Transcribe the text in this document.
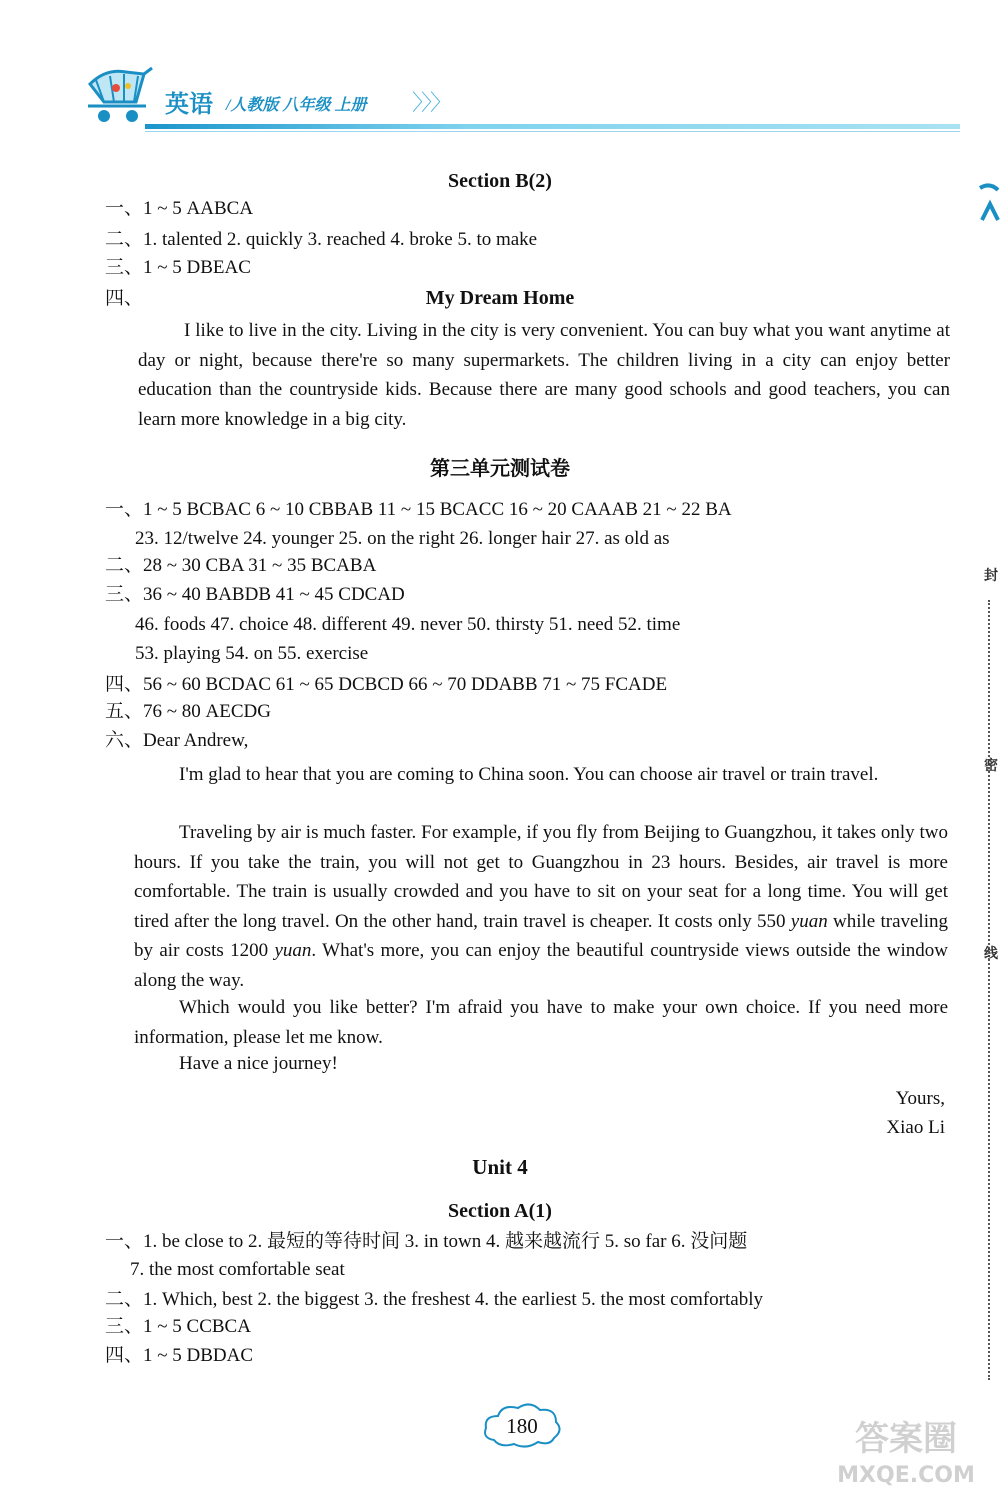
英语 /人教版 八年级 上册 〉〉〉
Section B(2)
一、1 ~ 5 AABCA
二、1. talented 2. quickly 3. reached 4. broke 5. to make
三、1 ~ 5 DBEAC
四、	My Dream Home
I like to live in the city. Living in the city is very convenient. You can buy what you want anytime at day or night, because there're so many supermarkets. The children living in a city can enjoy better education than the countryside kids. Because there are many good schools and good teachers, you can learn more knowledge in a big city.
第三单元测试卷
一、1 ~ 5 BCBAC 6 ~ 10 CBBAB 11 ~ 15 BCACC 16 ~ 20 CAAAB 21 ~ 22 BA
23. 12/twelve 24. younger 25. on the right 26. longer hair 27. as old as
二、28 ~ 30 CBA 31 ~ 35 BCABA
三、36 ~ 40 BABDB 41 ~ 45 CDCAD
46. foods 47. choice 48. different 49. never 50. thirsty 51. need 52. time
53. playing 54. on 55. exercise
四、56 ~ 60 BCDAC 61 ~ 65 DCBCD 66 ~ 70 DDABB 71 ~ 75 FCADE
五、76 ~ 80 AECDG
六、Dear Andrew,
I'm glad to hear that you are coming to China soon. You can choose air travel or train travel.
Traveling by air is much faster. For example, if you fly from Beijing to Guangzhou, it takes only two hours. If you take the train, you will not get to Guangzhou in 23 hours. Besides, air travel is more comfortable. The train is usually crowded and you have to sit on your seat for a long time. You will get tired after the long travel. On the other hand, train travel is cheaper. It costs only 550 yuan while traveling by air costs 1200 yuan. What's more, you can enjoy the beautiful countryside views outside the window along the way.
Which would you like better? I'm afraid you have to make your own choice. If you need more information, please let me know.
Have a nice journey!
Yours,
Xiao Li
Unit 4
Section A(1)
一、1. be close to 2. 最短的等待时间 3. in town 4. 越来越流行 5. so far 6. 没问题
7. the most comfortable seat
二、1. Which, best 2. the biggest 3. the freshest 4. the earliest 5. the most comfortably
三、1 ~ 5 CCBCA
四、1 ~ 5 DBDAC
封
密
线
180	答案圈
MXQE.COM
